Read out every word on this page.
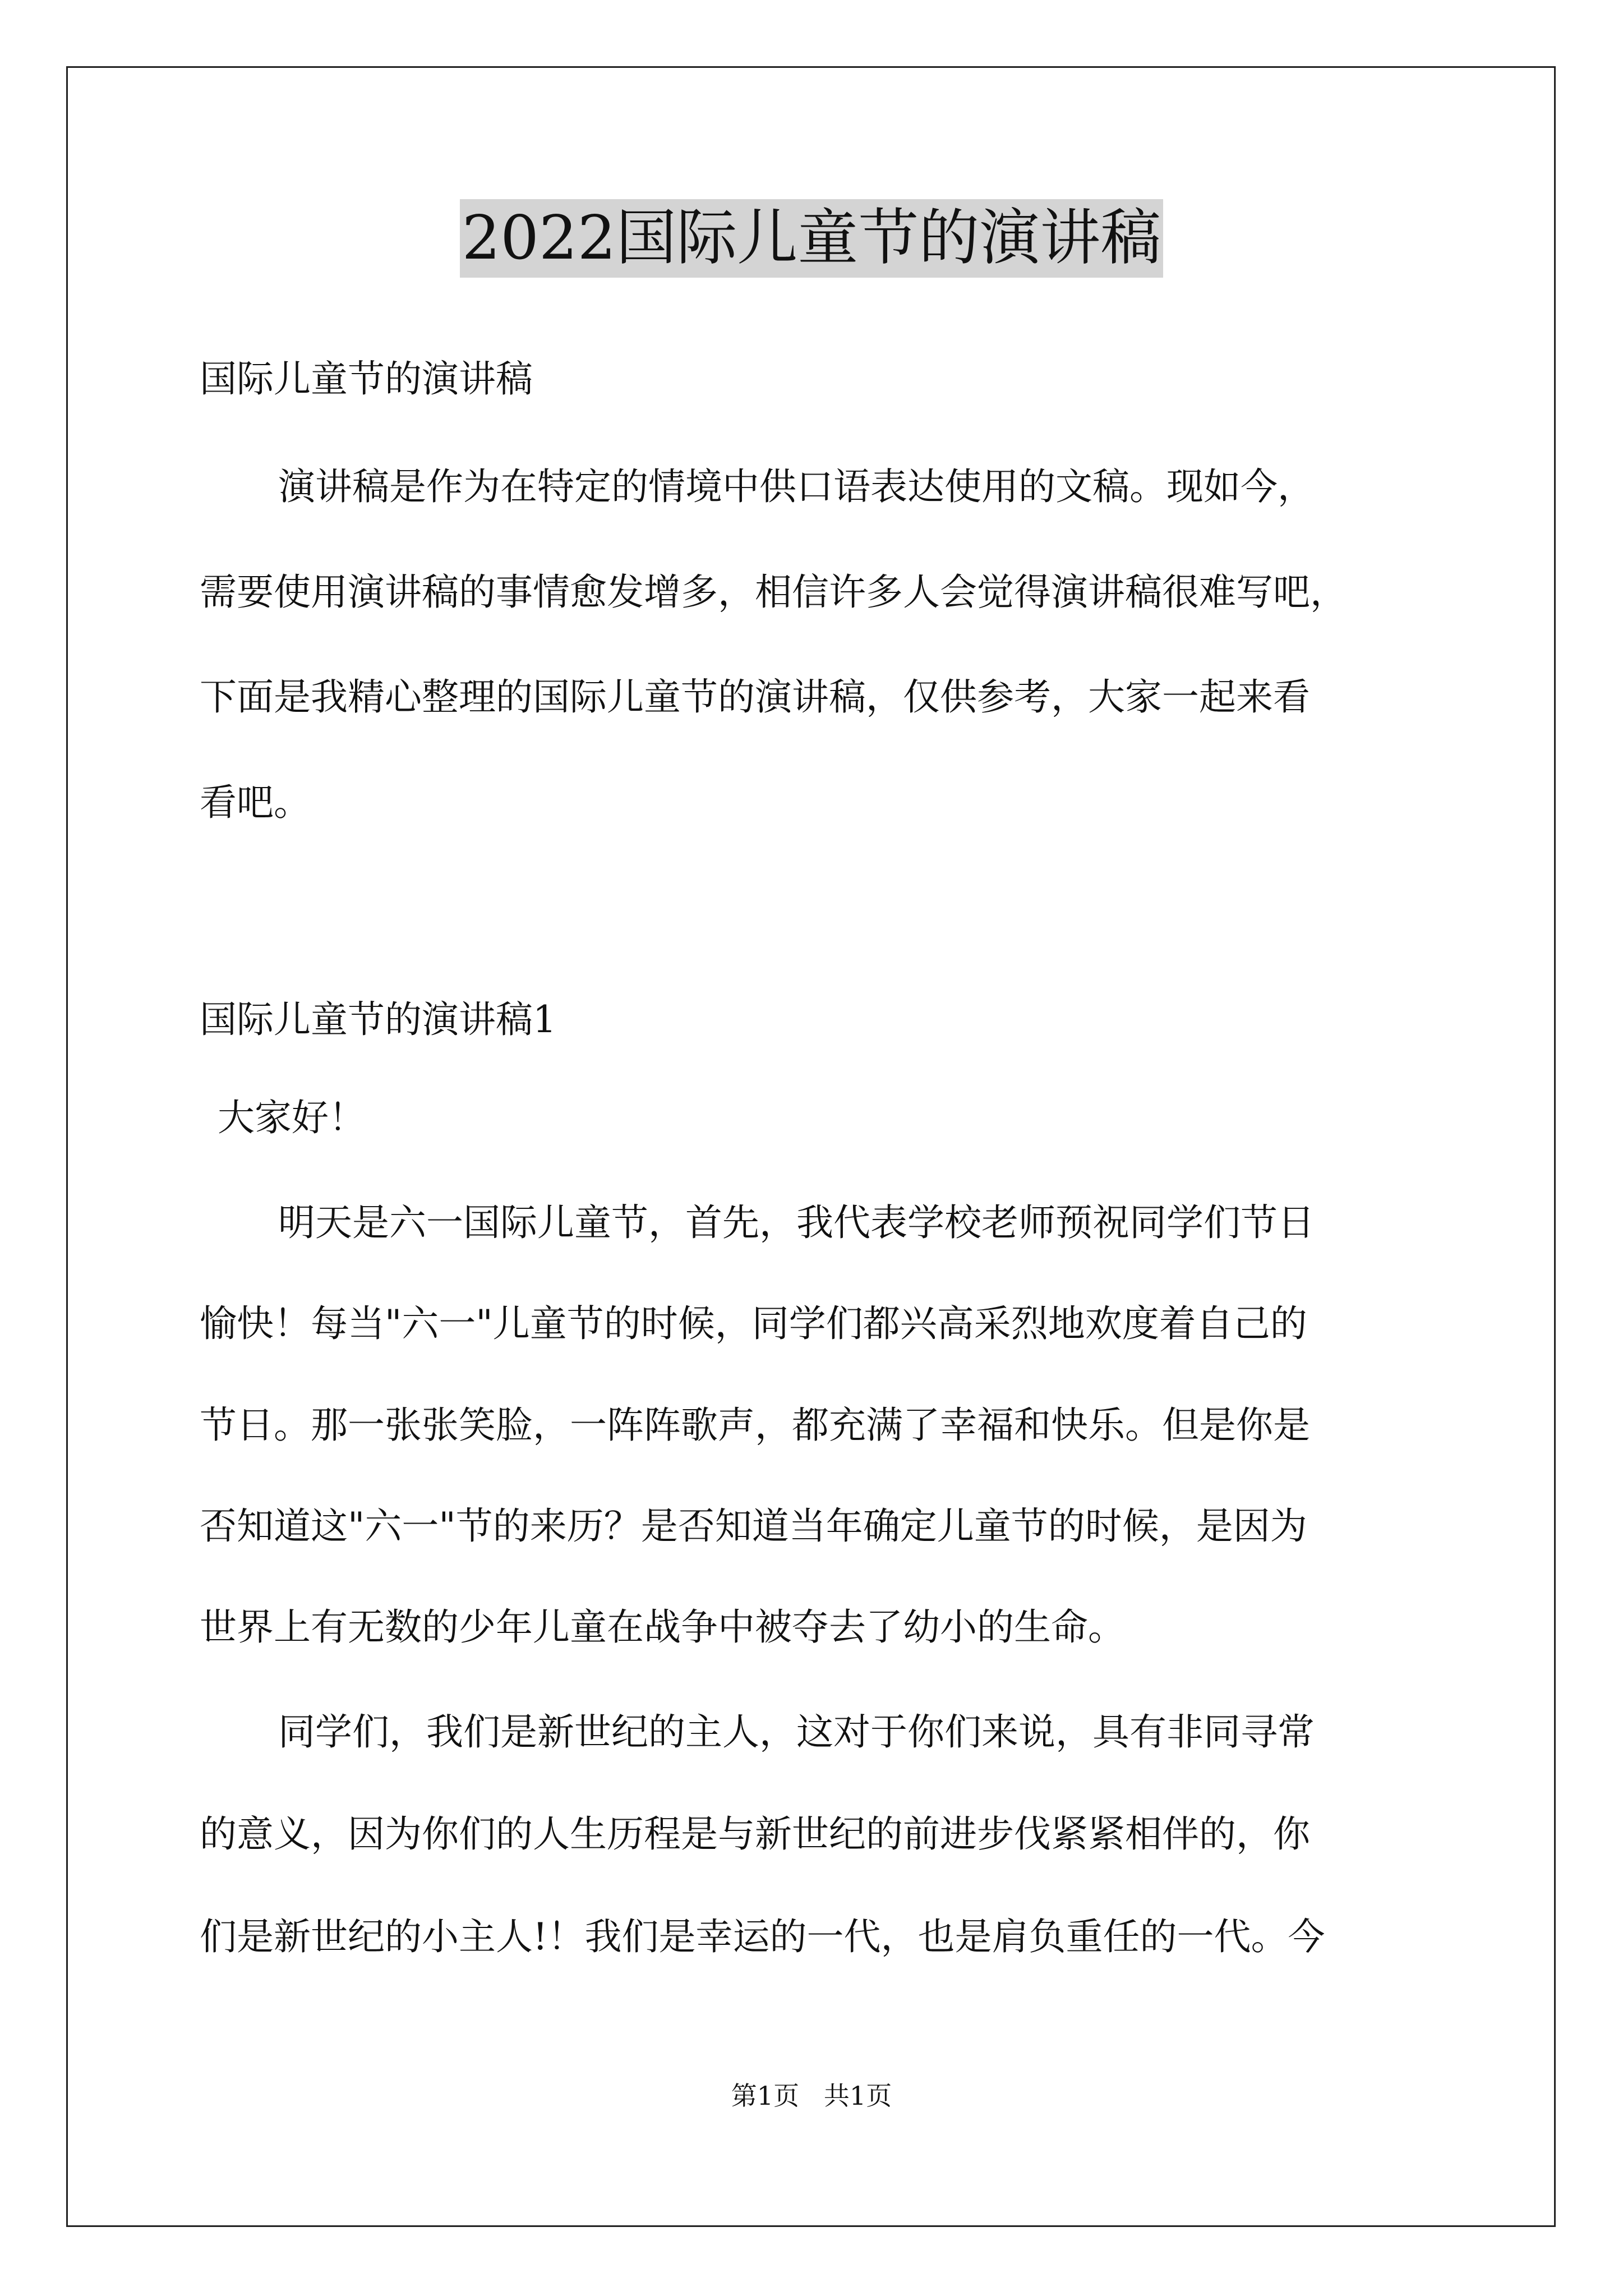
2022国际儿童节的演讲稿
国际儿童节的演讲稿
演讲稿是作为在特定的情境中供口语表达使用的文稿。现如今，
需要使用演讲稿的事情愈发增多，相信许多人会觉得演讲稿很难写吧，
下面是我精心整理的国际儿童节的演讲稿，仅供参考，大家一起来看
看吧。
国际儿童节的演讲稿1
大家好！
明天是六一国际儿童节，首先，我代表学校老师预祝同学们节日
愉快！每当"六一"儿童节的时候，同学们都兴高采烈地欢度着自己的
节日。那一张张笑脸，一阵阵歌声，都充满了幸福和快乐。但是你是
否知道这"六一"节的来历？是否知道当年确定儿童节的时候，是因为
世界上有无数的少年儿童在战争中被夺去了幼小的生命。
同学们，我们是新世纪的主人，这对于你们来说，具有非同寻常
的意义，因为你们的人生历程是与新世纪的前进步伐紧紧相伴的，你
们是新世纪的小主人!！我们是幸运的一代，也是肩负重任的一代。今
第1页   共1页
